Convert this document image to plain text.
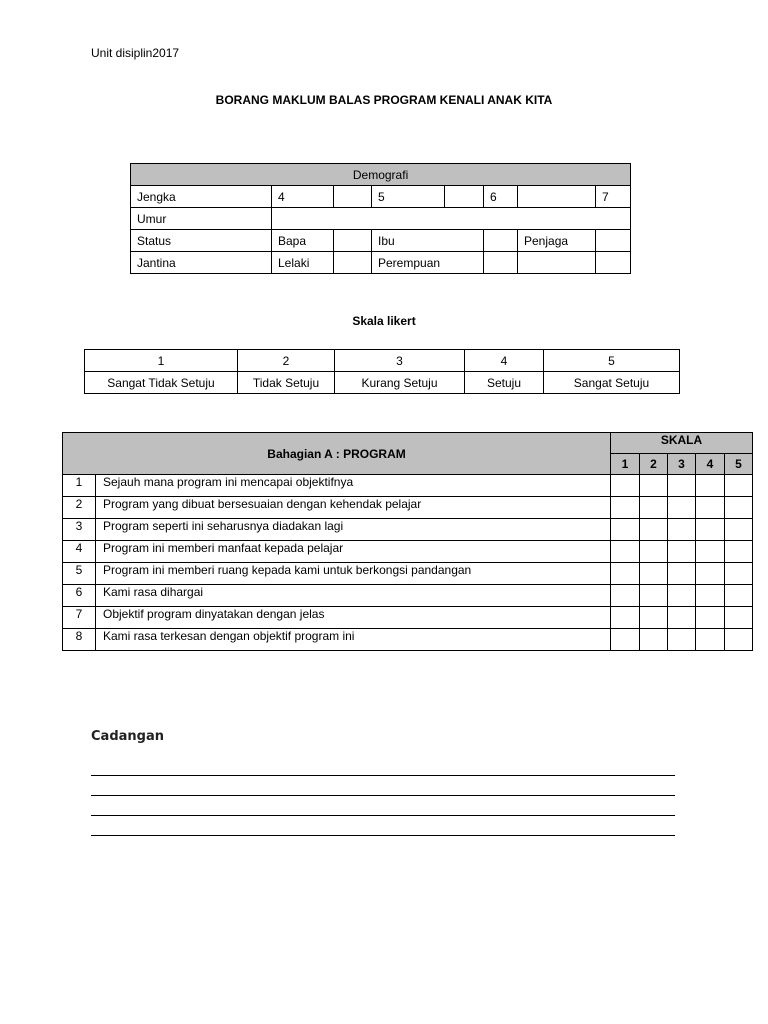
Unit disiplin2017
BORANG MAKLUM BALAS PROGRAM KENALI ANAK KITA
Demografi								
Jengka	4		5		6		7	
Umur								
Status	Bapa		Ibu			Penjaga		
Jantina	Lelaki		Perempuan					
Skala likert
1	2	3	4	5
Sangat Tidak Setuju	Tidak Setuju	Kurang Setuju	Setuju	Sangat Setuju
Bahagian A : PROGRAM		SKALA				
		1	2	3	4	5
1	Sejauh mana program ini mencapai objektifnya					
2	Program yang dibuat bersesuaian dengan kehendak pelajar					
3	Program seperti ini seharusnya diadakan lagi					
4	Program ini memberi manfaat kepada pelajar					
5	Program ini memberi ruang kepada kami untuk berkongsi pandangan					
6	Kami rasa dihargai					
7	Objektif program dinyatakan dengan jelas					
8	Kami rasa terkesan dengan objektif program ini					
Cadangan
